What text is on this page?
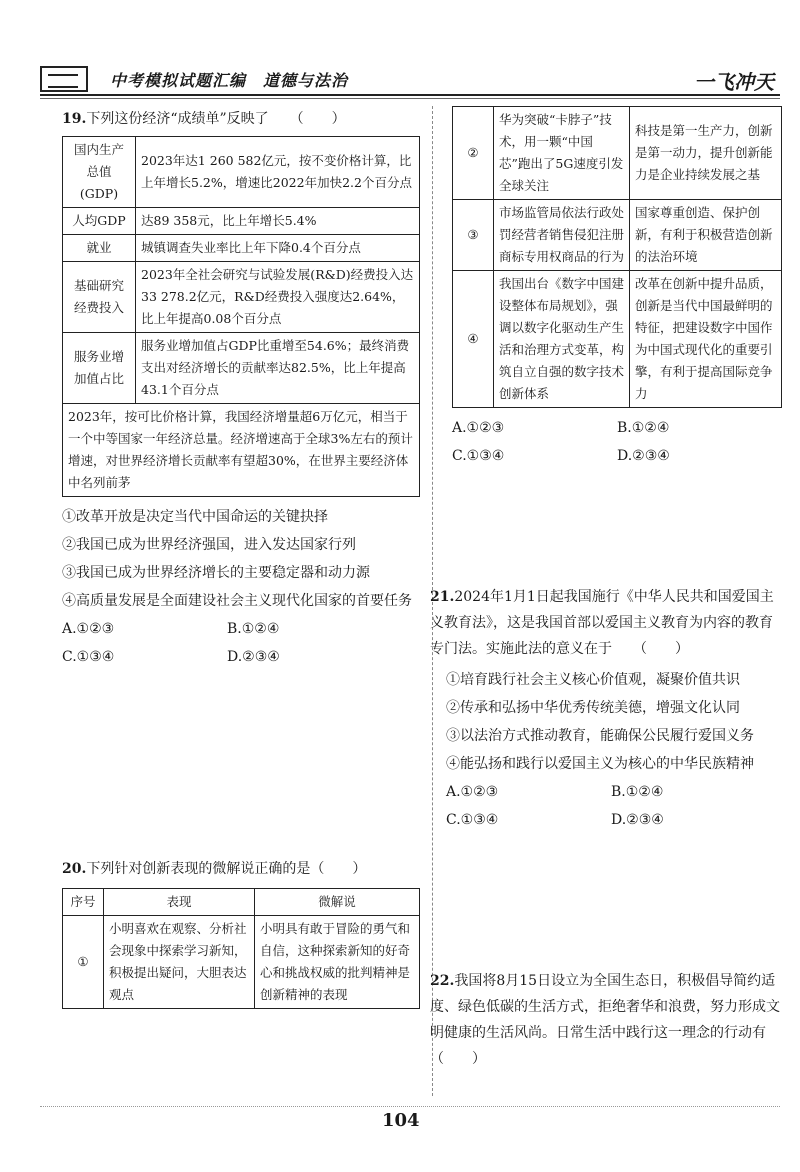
中考模拟试题汇编　道德与法治	一飞冲天
19.下列这份经济“成绩单”反映了　　（　　）
国内生产总值(GDP)	2023年达1 260 582亿元，按不变价格计算，比上年增长5.2%，增速比2022年加快2.2个百分点
人均GDP	达89 358元，比上年增长5.4%
就业	城镇调查失业率比上年下降0.4个百分点
基础研究经费投入	2023年全社会研究与试验发展(R&D)经费投入达33 278.2亿元，R&D经费投入强度达2.64%，比上年提高0.08个百分点
服务业增加值占比	服务业增加值占GDP比重增至54.6%；最终消费支出对经济增长的贡献率达82.5%，比上年提高43.1个百分点
2023年，按可比价格计算，我国经济增量超6万亿元，相当于一个中等国家一年经济总量。经济增速高于全球3%左右的预计增速，对世界经济增长贡献率有望超30%，在世界主要经济体中名列前茅	
①改革开放是决定当代中国命运的关键抉择
②我国已成为世界经济强国，进入发达国家行列
③我国已成为世界经济增长的主要稳定器和动力源
④高质量发展是全面建设社会主义现代化国家的首要任务
A.①②③	B.①②④
C.①③④	D.②③④
20.下列针对创新表现的微解说正确的是（　　）
序号	表现	微解说
①	小明喜欢在观察、分析社会现象中探索学习新知，积极提出疑问，大胆表达观点	小明具有敢于冒险的勇气和自信，这种探索新知的好奇心和挑战权威的批判精神是创新精神的表现
②	华为突破“卡脖子”技术，用一颗“中国芯”跑出了5G速度引发全球关注	科技是第一生产力，创新是第一动力，提升创新能力是企业持续发展之基
③	市场监管局依法行政处罚经营者销售侵犯注册商标专用权商品的行为	国家尊重创造、保护创新，有利于积极营造创新的法治环境
④	我国出台《数字中国建设整体布局规划》，强调以数字化驱动生产生活和治理方式变革，构筑自立自强的数字技术创新体系	改革在创新中提升品质，创新是当代中国最鲜明的特征，把建设数字中国作为中国式现代化的重要引擎，有利于提高国际竞争力
A.①②③	B.①②④
C.①③④	D.②③④
21.2024年1月1日起我国施行《中华人民共和国爱国主义教育法》，这是我国首部以爱国主义教育为内容的教育专门法。实施此法的意义在于　　（　　）
①培育践行社会主义核心价值观，凝聚价值共识
②传承和弘扬中华优秀传统美德，增强文化认同
③以法治方式推动教育，能确保公民履行爱国义务
④能弘扬和践行以爱国主义为核心的中华民族精神
A.①②③	B.①②④
C.①③④	D.②③④
22.我国将8月15日设立为全国生态日，积极倡导简约适度、绿色低碳的生活方式，拒绝奢华和浪费，努力形成文明健康的生活风尚。日常生活中践行这一理念的行动有　　（　　）
104
